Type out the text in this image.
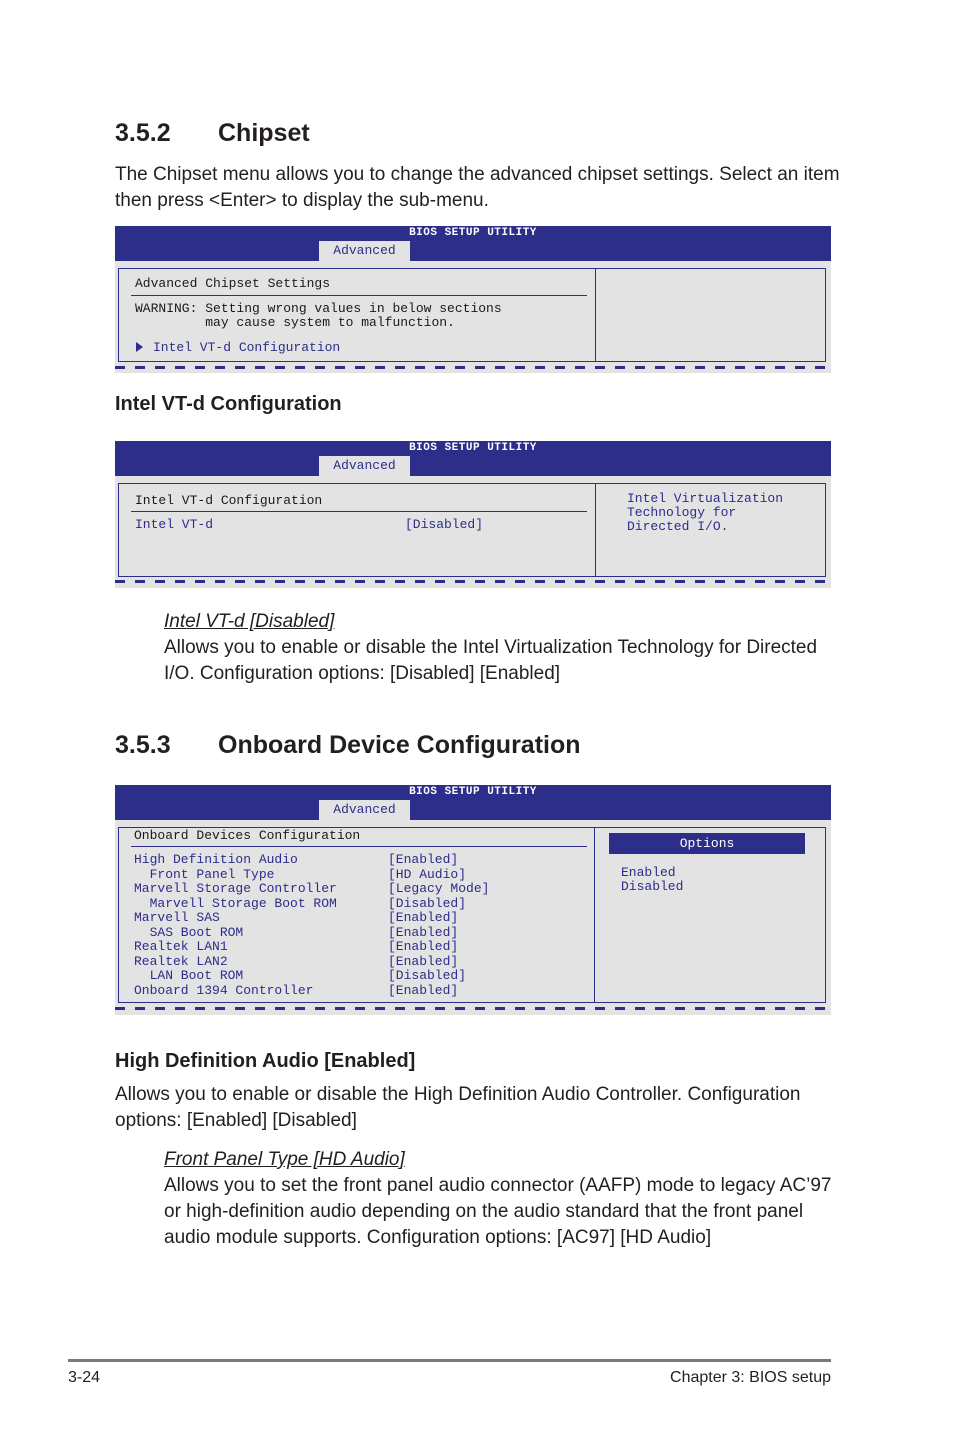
3.5.2 Chipset

The Chipset menu allows you to change the advanced chipset settings. Select an item then press <Enter> to display the sub-menu.

BIOS SETUP UTILITY
Advanced
Advanced Chipset Settings
WARNING: Setting wrong values in below sections
may cause system to malfunction.
Intel VT-d Configuration
Intel VT-d Configuration
BIOS SETUP UTILITY
Advanced
Intel VT-d Configuration
Intel VT-d	[Disabled]
Intel Virtualization
Technology for
Directed I/O.

Intel VT-d [Disabled]
Allows you to enable or disable the Intel Virtualization Technology for Directed I/O. Configuration options: [Disabled] [Enabled]

3.5.3 Onboard Device Configuration
BIOS SETUP UTILITY
Advanced
Onboard Devices Configuration
High Definition Audio	[Enabled]
Front Panel Type	[HD Audio]
Marvell Storage Controller	[Legacy Mode]
Marvell Storage Boot ROM	[Disabled]
Marvell SAS	[Enabled]
SAS Boot ROM	[Enabled]
Realtek LAN1	[Enabled]
Realtek LAN2	[Enabled]
LAN Boot ROM	[Disabled]
Onboard 1394 Controller	[Enabled]
Options
Enabled
Disabled
High Definition Audio [Enabled]

Allows you to enable or disable the High Definition Audio Controller. Configuration options: [Enabled] [Disabled]

Front Panel Type [HD Audio]
Allows you to set the front panel audio connector (AAFP) mode to legacy AC’97 or high-definition audio depending on the audio standard that the front panel audio module supports. Configuration options: [AC97] [HD Audio]

3-24	Chapter 3: BIOS setup
